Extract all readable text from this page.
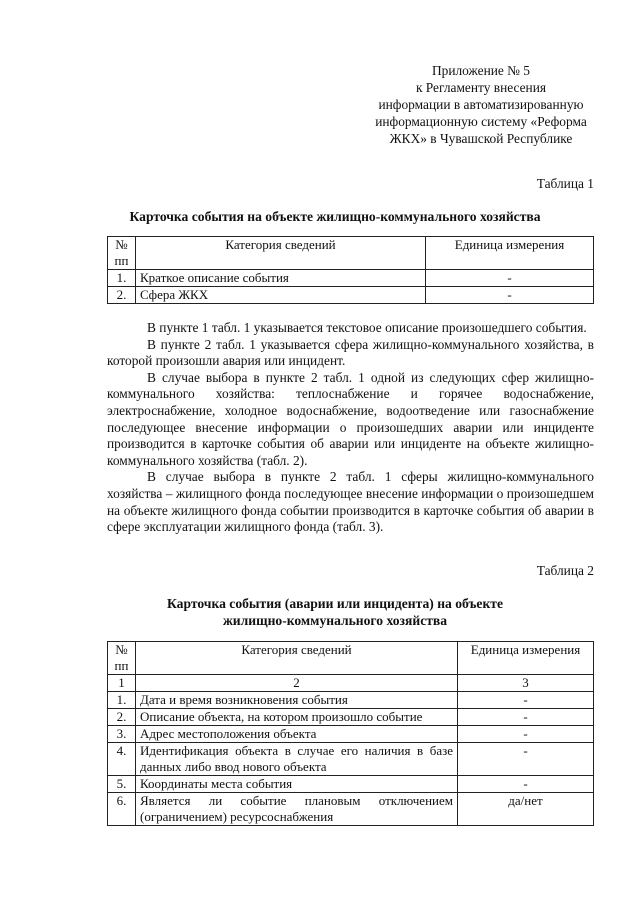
Приложение № 5
к Регламенту внесения
информации в автоматизированную
информационную систему «Реформа
ЖКХ» в Чувашской Республике
Таблица 1
Карточка события на объекте жилищно-коммунального хозяйства
№ пп	Категория сведений	Единица измерения
1.	Краткое описание события	-
2.	Сфера ЖКХ	-

В пункте 1 табл. 1 указывается текстовое описание произошедшего события.

В пункте 2 табл. 1 указывается сфера жилищно-коммунального хозяйства, в которой произошли авария или инцидент.

В случае выбора в пункте 2 табл. 1 одной из следующих сфер жилищно-коммунального хозяйства: теплоснабжение и горячее водоснабжение, электроснабжение, холодное водоснабжение, водоотведение или газоснабжение последующее внесение информации о произошедших аварии или инциденте производится в карточке события об аварии или инциденте на объекте жилищно-коммунального хозяйства (табл. 2).

В случае выбора в пункте 2 табл. 1 сферы жилищно-коммунального хозяйства – жилищного фонда последующее внесение информации о произошедшем на объекте жилищного фонда событии производится в карточке события об аварии в сфере эксплуатации жилищного фонда (табл. 3).

Таблица 2
Карточка события (аварии или инцидента) на объекте
жилищно-коммунального хозяйства
№ пп	Категория сведений	Единица измерения
1	2	3
1.	Дата и время возникновения события	-
2.	Описание объекта, на котором произошло событие	-
3.	Адрес местоположения объекта	-
4.	Идентификация объекта в случае его наличия в базе данных либо ввод нового объекта	-
5.	Координаты места события	-
6.	Является ли событие плановым отключением (ограничением) ресурсоснабжения	да/нет
